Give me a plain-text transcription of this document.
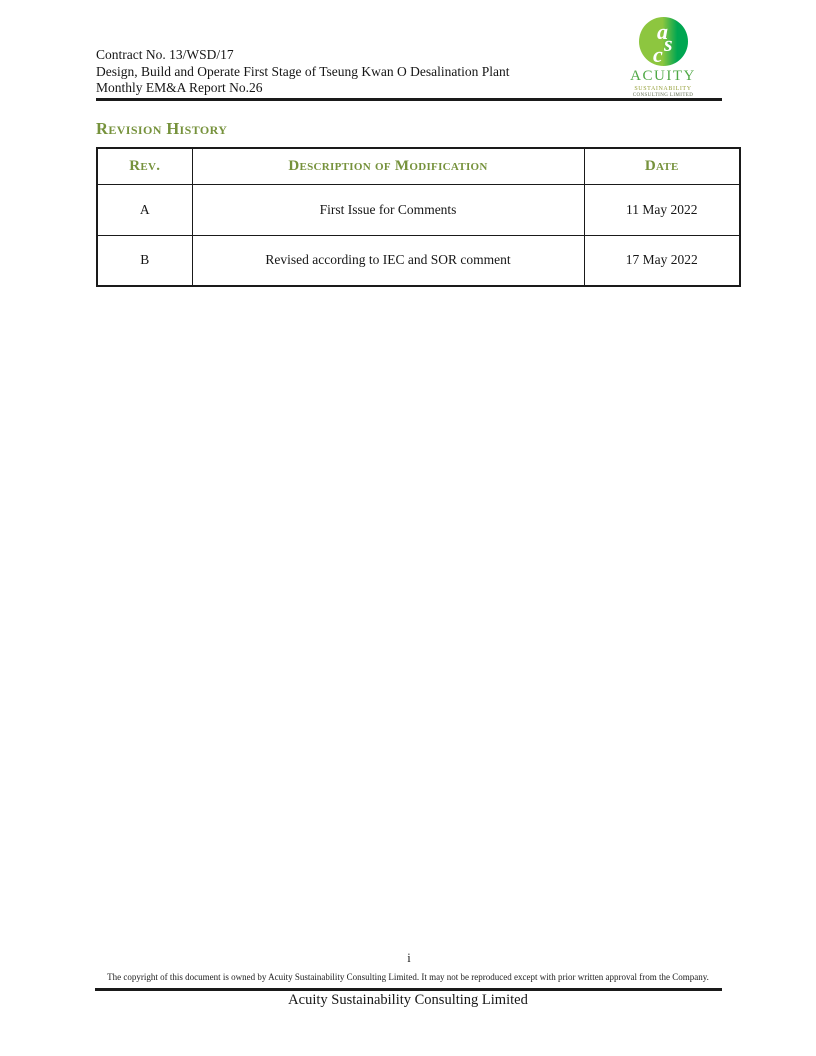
Contract No. 13/WSD/17
Design, Build and Operate First Stage of Tseung Kwan O Desalination Plant
Monthly EM&A Report No.26
a
s
c
ACUITY
SUSTAINABILITY
CONSULTING LIMITED
Revision History
Rev.	Description of Modification	Date
A	First Issue for Comments	11 May 2022
B	Revised according to IEC and SOR comment	17 May 2022
i
The copyright of this document is owned by Acuity Sustainability Consulting Limited. It may not be reproduced except with prior written approval from the Company.
Acuity Sustainability Consulting Limited
